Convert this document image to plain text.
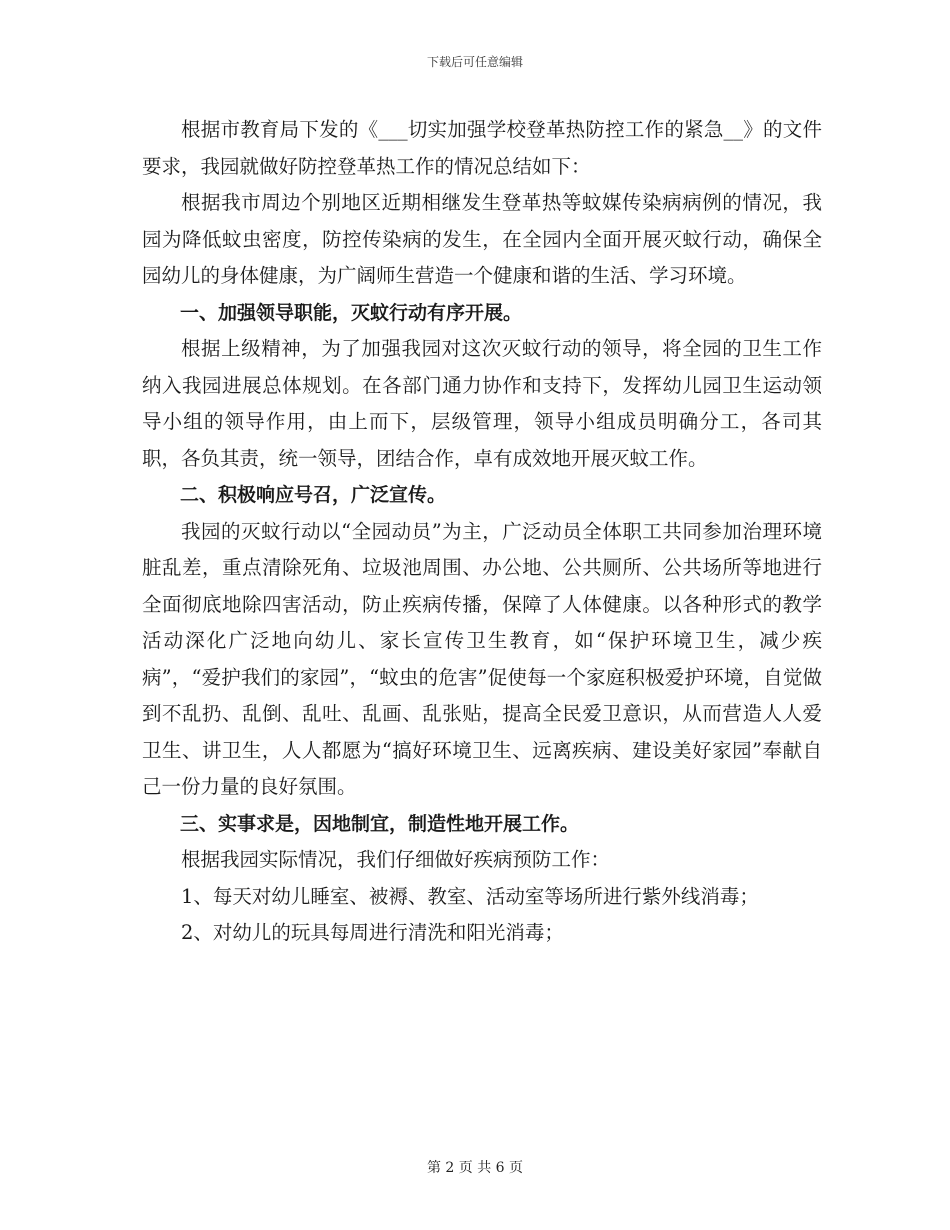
下载后可任意编辑

根据市教育局下发的《___切实加强学校登革热防控工作的紧急__》的文件要求，我园就做好防控登革热工作的情况总结如下：

根据我市周边个别地区近期相继发生登革热等蚊媒传染病病例的情况，我园为降低蚊虫密度，防控传染病的发生，在全园内全面开展灭蚊行动，确保全园幼儿的身体健康，为广阔师生营造一个健康和谐的生活、学习环境。

一、加强领导职能，灭蚊行动有序开展。

根据上级精神，为了加强我园对这次灭蚊行动的领导，将全园的卫生工作纳入我园进展总体规划。在各部门通力协作和支持下，发挥幼儿园卫生运动领导小组的领导作用，由上而下，层级管理，领导小组成员明确分工，各司其职，各负其责，统一领导，团结合作，卓有成效地开展灭蚊工作。

二、积极响应号召，广泛宣传。

我园的灭蚊行动以“全园动员”为主，广泛动员全体职工共同参加治理环境脏乱差，重点清除死角、垃圾池周围、办公地、公共厕所、公共场所等地进行全面彻底地除四害活动，防止疾病传播，保障了人体健康。以各种形式的教学活动深化广泛地向幼儿、家长宣传卫生教育，如“保护环境卫生，减少疾病”，“爱护我们的家园”，“蚊虫的危害”促使每一个家庭积极爱护环境，自觉做到不乱扔、乱倒、乱吐、乱画、乱张贴，提高全民爱卫意识，从而营造人人爱卫生、讲卫生，人人都愿为“搞好环境卫生、远离疾病、建设美好家园”奉献自己一份力量的良好氛围。

三、实事求是，因地制宜，制造性地开展工作。

根据我园实际情况，我们仔细做好疾病预防工作：

1、每天对幼儿睡室、被褥、教室、活动室等场所进行紫外线消毒；

2、对幼儿的玩具每周进行清洗和阳光消毒；

第 2 页 共 6 页
